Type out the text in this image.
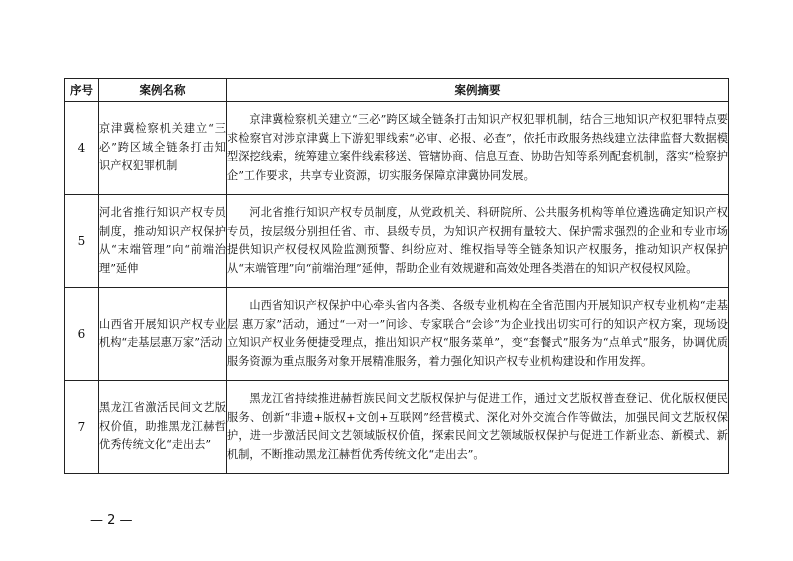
序号	案例名称	案例摘要
4	京津冀检察机关建立“三必”跨区域全链条打击知识产权犯罪机制	京津冀检察机关建立“三必”跨区域全链条打击知识产权犯罪机制，结合三地知识产权犯罪特点要求检察官对涉京津冀上下游犯罪线索“必审、必报、必查”，依托市政服务热线建立法律监督大数据模型深挖线索，统筹建立案件线索移送、管辖协商、信息互查、协助告知等系列配套机制，落实“检察护企”工作要求，共享专业资源，切实服务保障京津冀协同发展。

5	河北省推行知识产权专员制度，推动知识产权保护从“末端管理”向“前端治理”延伸	河北省推行知识产权专员制度，从党政机关、科研院所、公共服务机构等单位遴选确定知识产权专员，按层级分别担任省、市、县级专员，为知识产权拥有量较大、保护需求强烈的企业和专业市场提供知识产权侵权风险监测预警、纠纷应对、维权指导等全链条知识产权服务，推动知识产权保护从“末端管理”向“前端治理”延伸，帮助企业有效规避和高效处理各类潜在的知识产权侵权风险。

6	山西省开展知识产权专业机构“走基层惠万家”活动	山西省知识产权保护中心牵头省内各类、各级专业机构在全省范围内开展知识产权专业机构“走基层 惠万家”活动，通过“一对一”问诊、专家联合“会诊”为企业找出切实可行的知识产权方案，现场设立知识产权业务便捷受理点，推出知识产权“服务菜单”，变“套餐式”服务为“点单式”服务，协调优质服务资源为重点服务对象开展精准服务，着力强化知识产权专业机构建设和作用发挥。

7	黑龙江省激活民间文艺版权价值，助推黑龙江赫哲优秀传统文化“走出去”	黑龙江省持续推进赫哲族民间文艺版权保护与促进工作，通过文艺版权普查登记、优化版权便民服务、创新“非遗+版权+文创+互联网”经营模式、深化对外交流合作等做法，加强民间文艺版权保护，进一步激活民间文艺领域版权价值，探索民间文艺领域版权保护与促进工作新业态、新模式、新机制，不断推动黑龙江赫哲优秀传统文化“走出去”。
— 2 —
